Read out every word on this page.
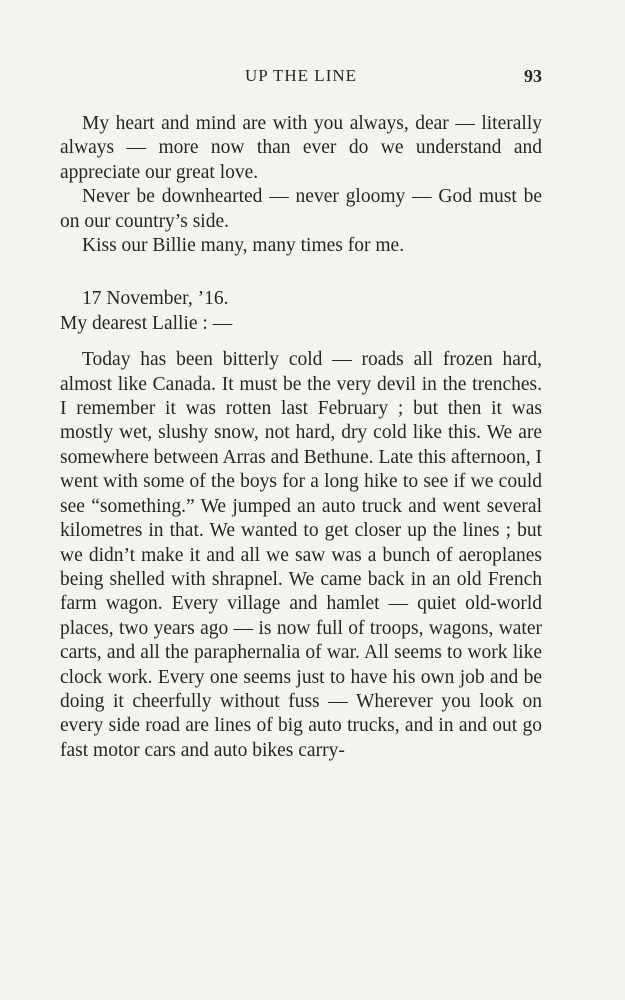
UP THE LINE	93

My heart and mind are with you always, dear — literally always — more now than ever do we understand and appreciate our great love.

Never be downhearted — never gloomy — God must be on our country’s side.

Kiss our Billie many, many times for me.

17 November, ’16.

My dearest Lallie : —

Today has been bitterly cold — roads all frozen hard, almost like Canada. It must be the very devil in the trenches. I remember it was rotten last February ; but then it was mostly wet, slushy snow, not hard, dry cold like this. We are somewhere between Arras and Bethune. Late this afternoon, I went with some of the boys for a long hike to see if we could see “something.” We jumped an auto truck and went several kilometres in that. We wanted to get closer up the lines ; but we didn’t make it and all we saw was a bunch of aeroplanes being shelled with shrapnel. We came back in an old French farm wagon. Every village and hamlet — quiet old-world places, two years ago — is now full of troops, wagons, water carts, and all the paraphernalia of war. All seems to work like clock work. Every one seems just to have his own job and be doing it cheerfully without fuss — Wherever you look on every side road are lines of big auto trucks, and in and out go fast motor cars and auto bikes carry-
